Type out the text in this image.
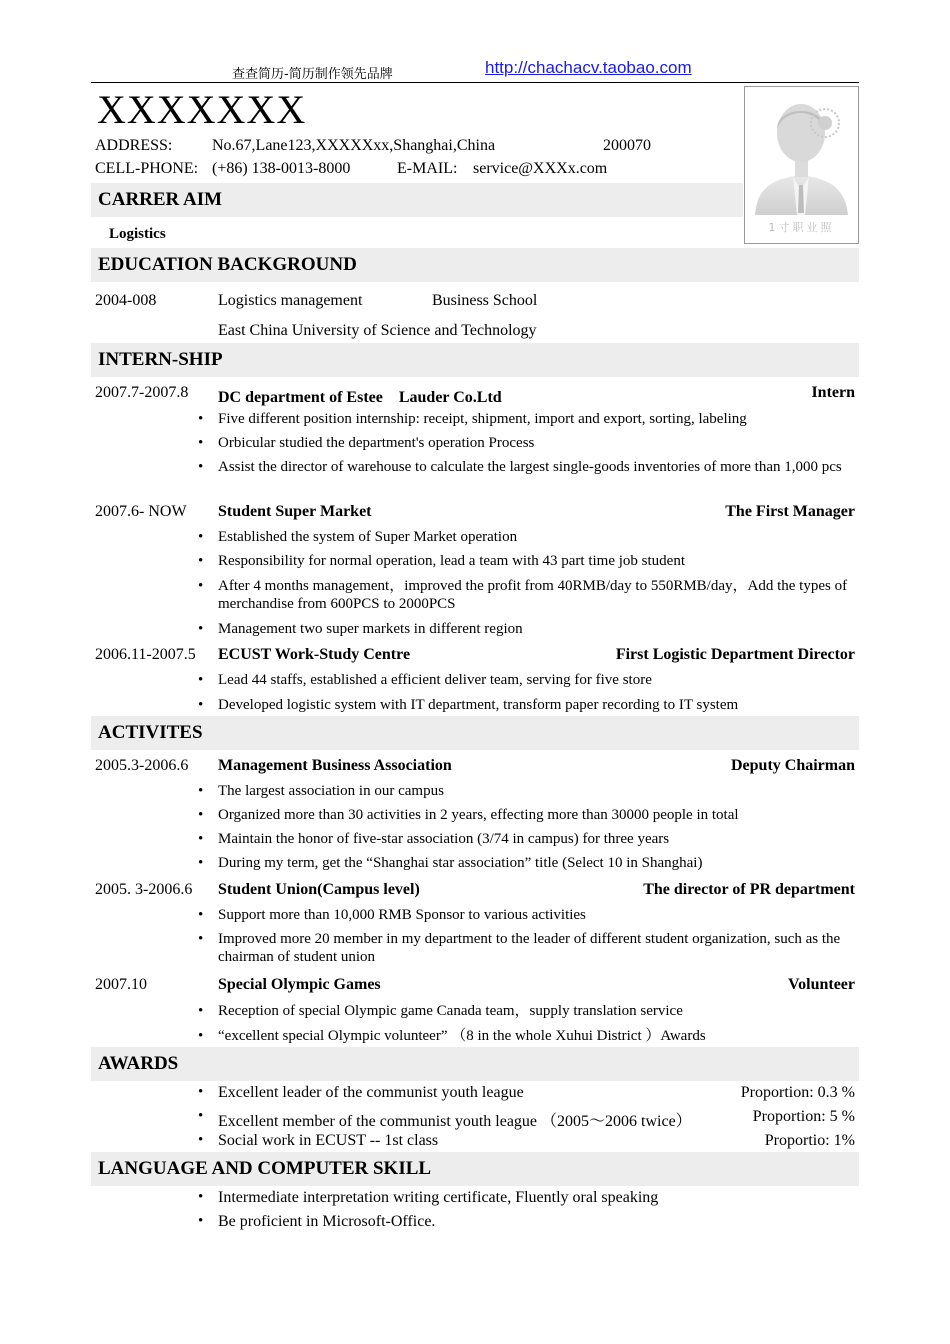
查查简历-简历制作领先品牌	http://chachacv.taobao.com
XXXXXXX
ADDRESS: No.67,Lane123,XXXXXxx,Shanghai,China	200070
CELL-PHONE: (+86) 138-0013-8000	E-MAIL: service@XXXx.com
1寸职业照
CARRER AIM
Logistics
EDUCATION BACKGROUND
2004-008	Logistics management	Business School
East China University of Science and Technology
INTERN-SHIP
2007.7-2007.8 DC department of Estee　Lauder Co.Ltd	Intern
• Five different position internship: receipt, shipment, import and export, sorting, labeling
• Orbicular studied the department's operation Process
• Assist the director of warehouse to calculate the largest single-goods inventories of more than 1,000 pcs
2007.6- NOW Student Super Market	The First Manager
• Established the system of Super Market operation
• Responsibility for normal operation, lead a team with 43 part time job student
• After 4 months management，improved the profit from 40RMB/day to 550RMB/day，Add the types of merchandise from 600PCS to 2000PCS
• Management two super markets in different region
2006.11-2007.5 ECUST Work-Study Centre	First Logistic Department Director
• Lead 44 staffs, established a efficient deliver team, serving for five store
• Developed logistic system with IT department, transform paper recording to IT system
ACTIVITES
2005.3-2006.6 Management Business Association	Deputy Chairman
• The largest association in our campus
• Organized more than 30 activities in 2 years, effecting more than 30000 people in total
• Maintain the honor of five-star association (3/74 in campus) for three years
• During my term, get the “Shanghai star association” title (Select 10 in Shanghai)
2005. 3-2006.6 Student Union(Campus level)	The director of PR department
• Support more than 10,000 RMB Sponsor to various activities
• Improved more 20 member in my department to the leader of different student organization, such as the chairman of student union
2007.10	Special Olympic Games	Volunteer
• Reception of special Olympic game Canada team，supply translation service
• “excellent special Olympic volunteer” （8 in the whole Xuhui District ）Awards
AWARDS
• Excellent leader of the communist youth league	Proportion: 0.3 %
• Excellent member of the communist youth league （2005～2006 twice）	Proportion: 5 %
• Social work in ECUST -- 1st class	Proportio: 1%
LANGUAGE AND COMPUTER SKILL
• Intermediate interpretation writing certificate, Fluently oral speaking
• Be proficient in Microsoft-Office.
